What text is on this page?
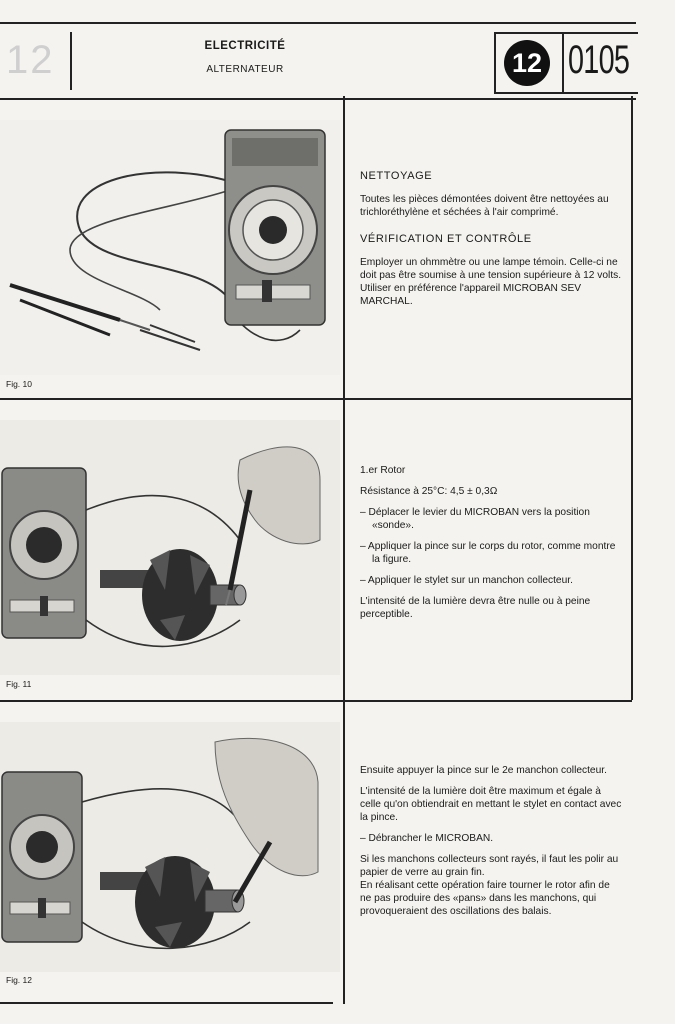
12	ELECTRICITÉ
ALTERNATEUR	12 0105
Fig. 10
NETTOYAGE

Toutes les pièces démontées doivent être nettoyées au trichloréthylène et séchées à l'air comprimé.

VÉRIFICATION ET CONTRÔLE

Employer un ohmmètre ou une lampe témoin. Celle-ci ne doit pas être soumise à une tension supérieure à 12 volts.

Utiliser en préférence l'appareil MICROBAN SEV MARCHAL.

Fig. 11

1.er Rotor

Résistance à 25°C: 4,5 ± 0,3Ω

– Déplacer le levier du MICROBAN vers la position «sonde».

– Appliquer la pince sur le corps du rotor, comme montre la figure.

– Appliquer le stylet sur un manchon collecteur.

L'intensité de la lumière devra être nulle ou à peine perceptible.

Fig. 12

Ensuite appuyer la pince sur le 2e manchon collecteur.

L'intensité de la lumière doit être maximum et égale à celle qu'on obtiendrait en mettant le stylet en contact avec la pince.

– Débrancher le MICROBAN.

Si les manchons collecteurs sont rayés, il faut les polir au papier de verre au grain fin.

En réalisant cette opération faire tourner le rotor afin de ne pas produire des «pans» dans les manchons, qui provoqueraient des oscillations des balais.
